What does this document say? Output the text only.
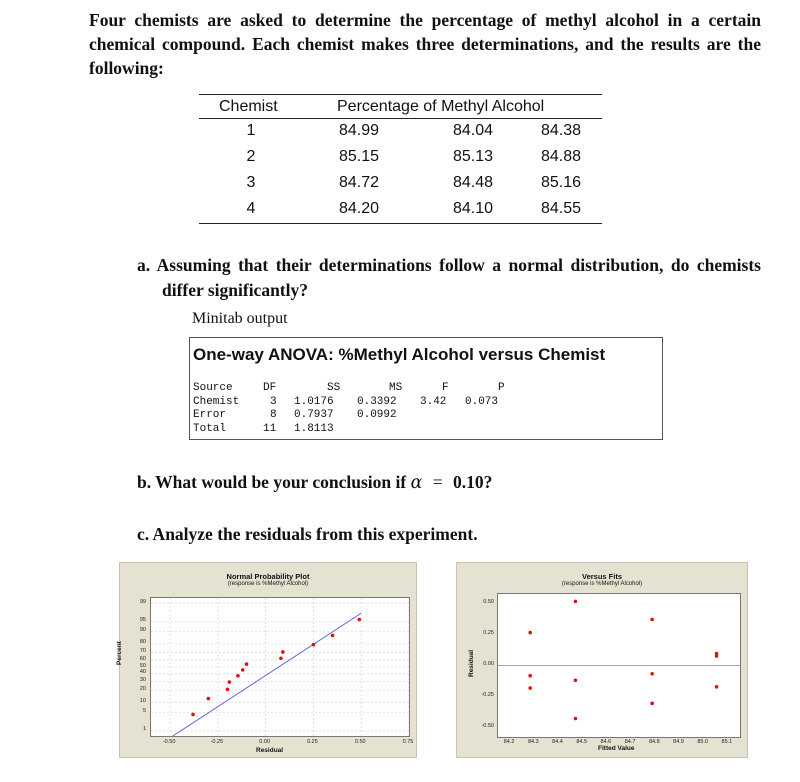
Four chemists are asked to determine the percentage of methyl alcohol in a certain chemical compound. Each chemist makes three determinations, and the results are the following:
Chemist	Percentage of Methyl Alcohol
1	84.99	84.04	84.38
2	85.15	85.13	84.88
3	84.72	84.48	85.16
4	84.20	84.10	84.55
a. Assuming that their determinations follow a normal distribution, do chemists differ significantly?
Minitab output
One-way ANOVA: %Methyl Alcohol versus Chemist
Source	DF	SS	MS	F	P
Chemist	3 1.0176 0.3392 3.42 0.073
Error	8 0.7937 0.0992
Total	11 1.8113
b. What would be your conclusion if α = 0.10?
c. Analyze the residuals from this experiment.
Normal Probability Plot
(response is %Methyl Alcohol)
Residual
Percent
-0.50	-0.25	0.00	0.25	0.50	0.75
99
95
90
80
70
60
50
40
30
20
10
5
1
Versus Fits
(response is %Methyl Alcohol)
Fitted Value
Residual
84.2 84.3 84.4 84.5 84.6 84.7 84.8 84.9 85.0 85.1
0.50
0.25
0.00
-0.25
-0.50
